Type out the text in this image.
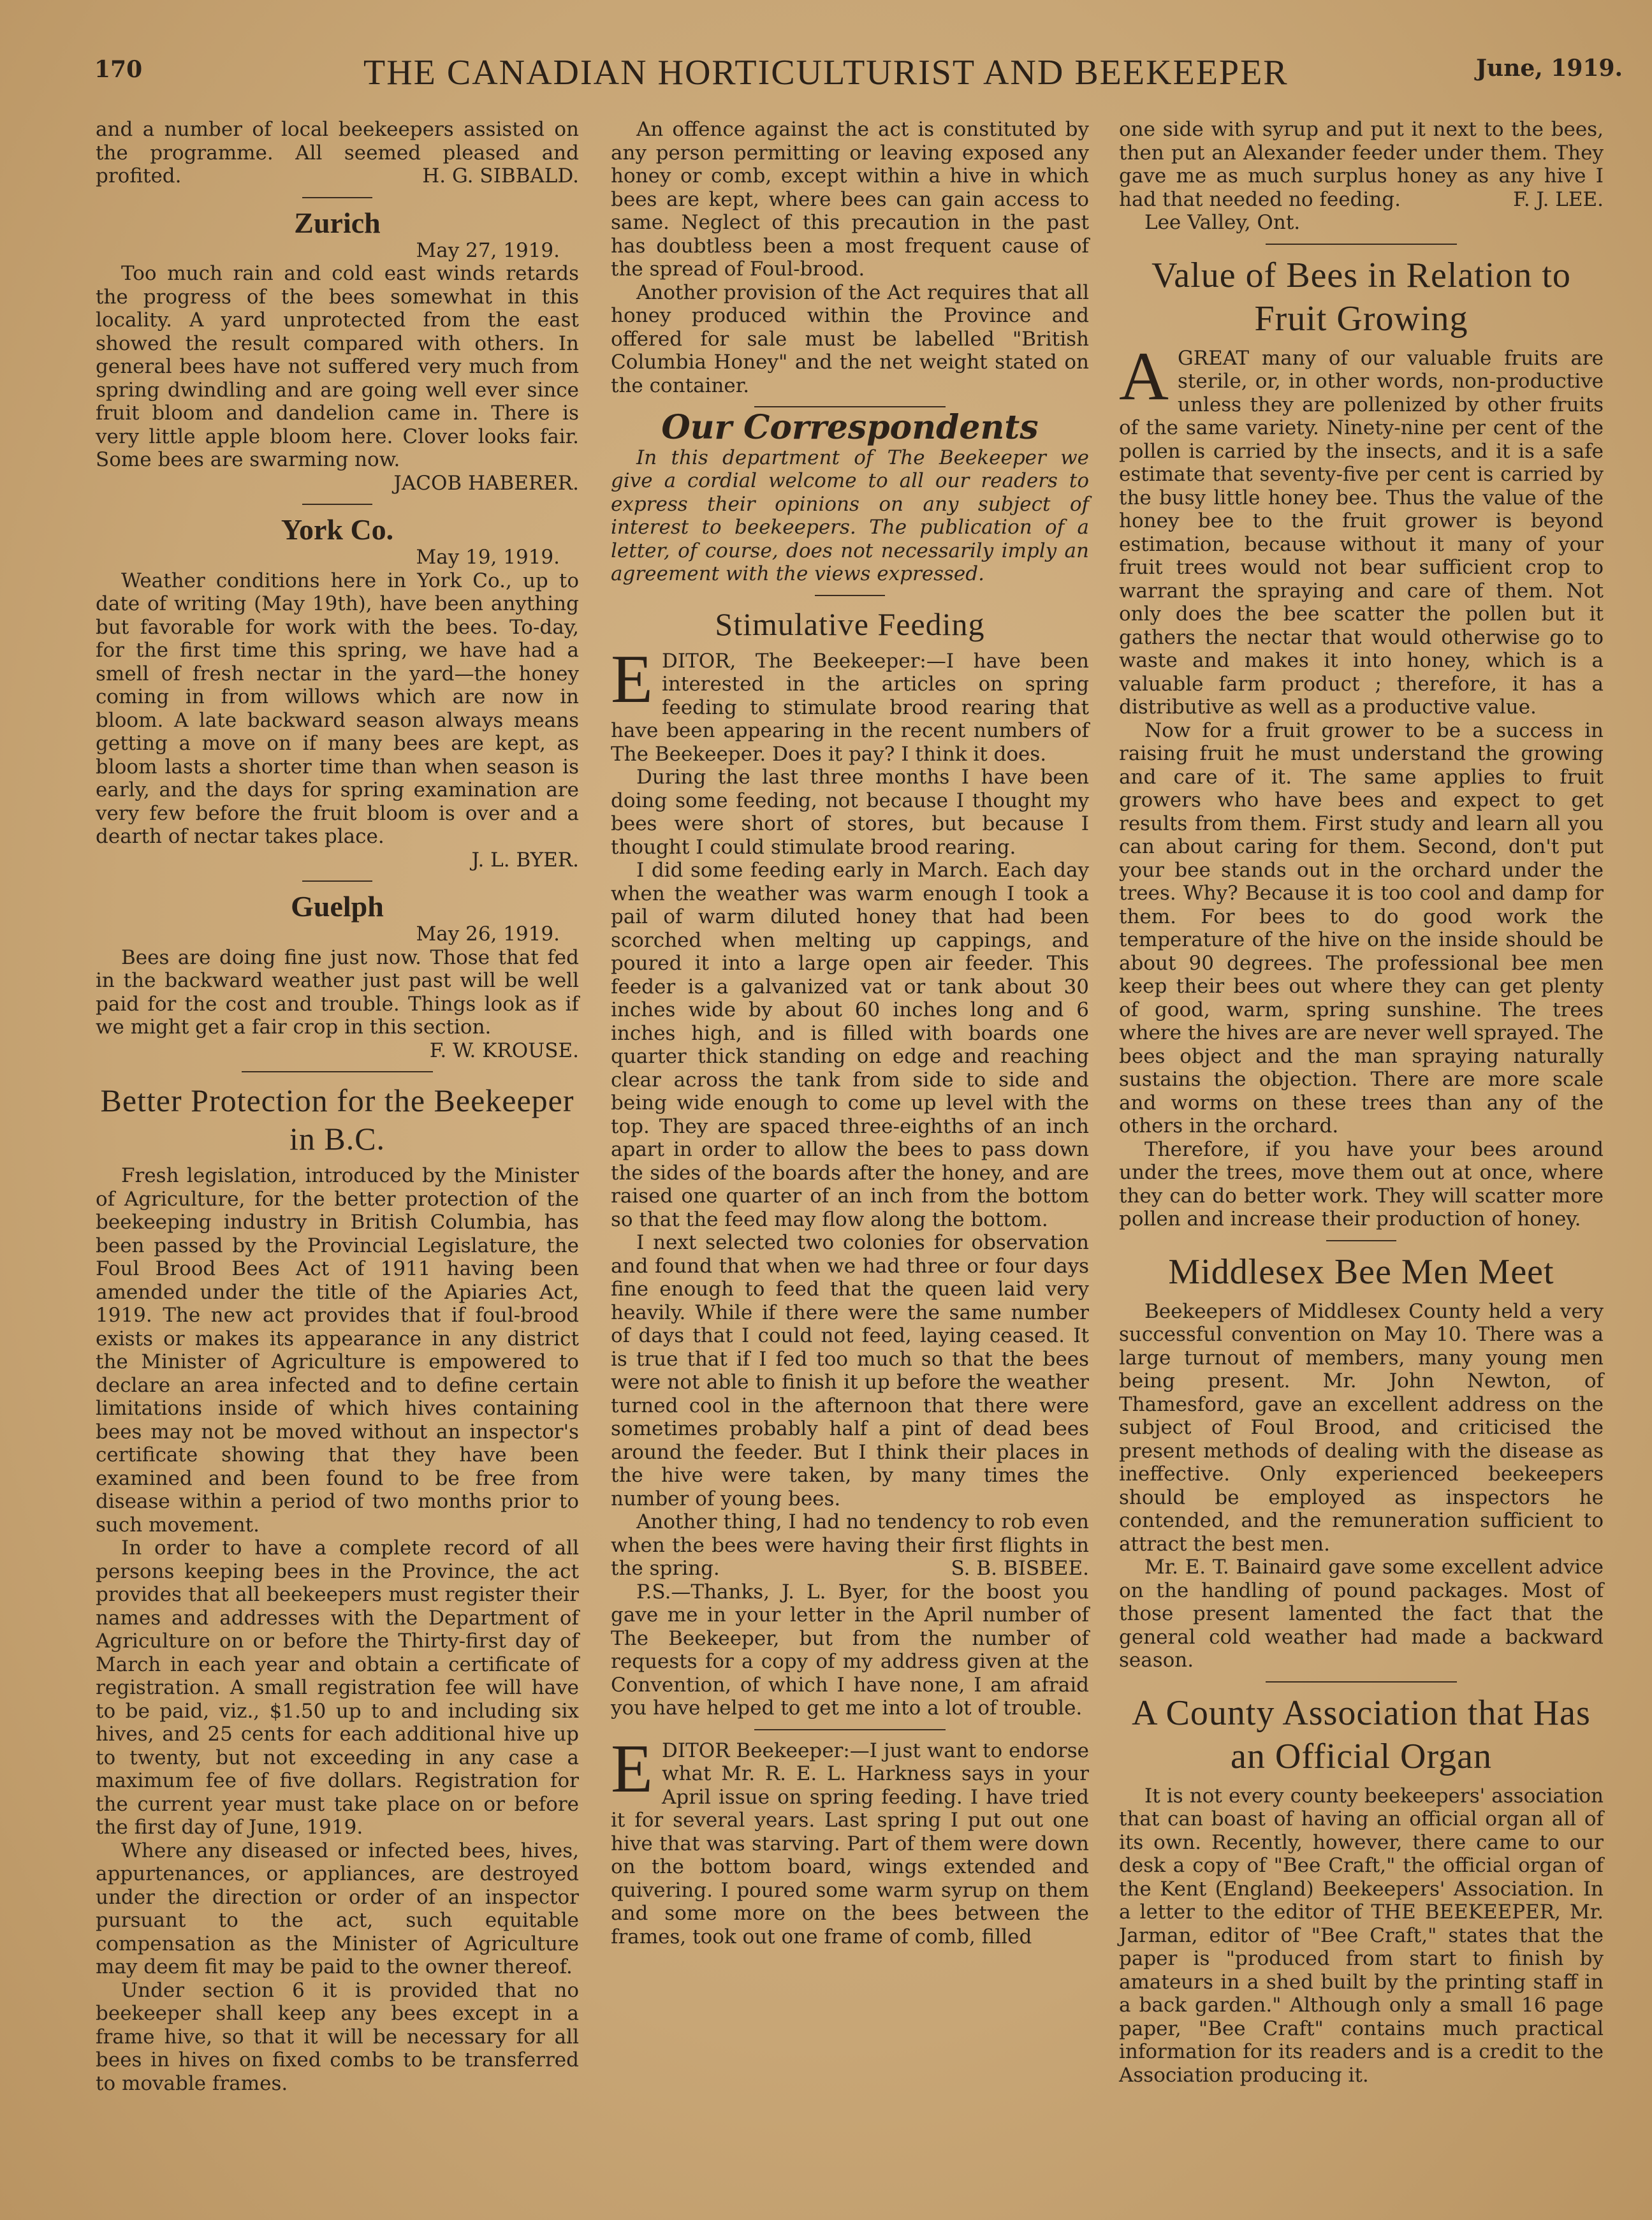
170	THE CANADIAN HORTICULTURIST AND BEEKEEPER	June, 1919.

and a number of local beekeepers assisted on the programme. All seemed pleased and profited.	H. G. SIBBALD.

Zurich

May 27, 1919.

Too much rain and cold east winds retards the progress of the bees somewhat in this locality. A yard unprotected from the east showed the result compared with others. In general bees have not suffered very much from spring dwindling and are going well ever since fruit bloom and dandelion came in. There is very little apple bloom here. Clover looks fair. Some bees are swarming now.

JACOB HABERER.

York Co.

May 19, 1919.

Weather conditions here in York Co., up to date of writing (May 19th), have been anything but favorable for work with the bees. To-day, for the first time this spring, we have had a smell of fresh nectar in the yard—the honey coming in from willows which are now in bloom. A late backward season always means getting a move on if many bees are kept, as bloom lasts a shorter time than when season is early, and the days for spring examination are very few before the fruit bloom is over and a dearth of nectar takes place.

J. L. BYER.

Guelph

May 26, 1919.

Bees are doing fine just now. Those that fed in the backward weather just past will be well paid for the cost and trouble. Things look as if we might get a fair crop in this section.

F. W. KROUSE.

Better Protection for the Beekeeper in B.C.

Fresh legislation, introduced by the Minister of Agriculture, for the better protection of the beekeeping industry in British Columbia, has been passed by the Provincial Legislature, the Foul Brood Bees Act of 1911 having been amended under the title of the Apiaries Act, 1919. The new act provides that if foul-brood exists or makes its appearance in any district the Minister of Agriculture is empowered to declare an area infected and to define certain limitations inside of which hives containing bees may not be moved without an inspector's certificate showing that they have been examined and been found to be free from disease within a period of two months prior to such movement.

In order to have a complete record of all persons keeping bees in the Province, the act provides that all beekeepers must register their names and addresses with the Department of Agriculture on or before the Thirty-first day of March in each year and obtain a certificate of registration. A small registration fee will have to be paid, viz., $1.50 up to and including six hives, and 25 cents for each additional hive up to twenty, but not exceeding in any case a maximum fee of five dollars. Registration for the current year must take place on or before the first day of June, 1919.

Where any diseased or infected bees, hives, appurtenances, or appliances, are destroyed under the direction or order of an inspector pursuant to the act, such equitable compensation as the Minister of Agriculture may deem fit may be paid to the owner thereof.

Under section 6 it is provided that no beekeeper shall keep any bees except in a frame hive, so that it will be necessary for all bees in hives on fixed combs to be transferred to movable frames.

An offence against the act is constituted by any person permitting or leaving exposed any honey or comb, except within a hive in which bees are kept, where bees can gain access to same. Neglect of this precaution in the past has doubtless been a most frequent cause of the spread of Foul-brood.

Another provision of the Act requires that all honey produced within the Province and offered for sale must be labelled "British Columbia Honey" and the net weight stated on the container.

Our Correspondents

In this department of The Beekeeper we give a cordial welcome to all our readers to express their opinions on any subject of interest to beekeepers. The publication of a letter, of course, does not necessarily imply an agreement with the views expressed.

Stimulative Feeding

EDITOR, The Beekeeper:—I have been interested in the articles on spring feeding to stimulate brood rearing that have been appearing in the recent numbers of The Beekeeper. Does it pay? I think it does.

During the last three months I have been doing some feeding, not because I thought my bees were short of stores, but because I thought I could stimulate brood rearing.

I did some feeding early in March. Each day when the weather was warm enough I took a pail of warm diluted honey that had been scorched when melting up cappings, and poured it into a large open air feeder. This feeder is a galvanized vat or tank about 30 inches wide by about 60 inches long and 6 inches high, and is filled with boards one quarter thick standing on edge and reaching clear across the tank from side to side and being wide enough to come up level with the top. They are spaced three-eighths of an inch apart in order to allow the bees to pass down the sides of the boards after the honey, and are raised one quarter of an inch from the bottom so that the feed may flow along the bottom.

I next selected two colonies for observation and found that when we had three or four days fine enough to feed that the queen laid very heavily. While if there were the same number of days that I could not feed, laying ceased. It is true that if I fed too much so that the bees were not able to finish it up before the weather turned cool in the afternoon that there were sometimes probably half a pint of dead bees around the feeder. But I think their places in the hive were taken, by many times the number of young bees.

Another thing, I had no tendency to rob even when the bees were having their first flights in the spring.	S. B. BISBEE.

P.S.—Thanks, J. L. Byer, for the boost you gave me in your letter in the April number of The Beekeeper, but from the number of requests for a copy of my address given at the Convention, of which I have none, I am afraid you have helped to get me into a lot of trouble.

EDITOR Beekeeper:—I just want to endorse what Mr. R. E. L. Harkness says in your April issue on spring feeding. I have tried it for several years. Last spring I put out one hive that was starving. Part of them were down on the bottom board, wings extended and quivering. I poured some warm syrup on them and some more on the bees between the frames, took out one frame of comb, filled

one side with syrup and put it next to the bees, then put an Alexander feeder under them. They gave me as much surplus honey as any hive I had that needed no feeding.	F. J. LEE.

Lee Valley, Ont.

Value of Bees in Relation to Fruit Growing

AGREAT many of our valuable fruits are sterile, or, in other words, non-productive unless they are pollenized by other fruits of the same variety. Ninety-nine per cent of the pollen is carried by the insects, and it is a safe estimate that seventy-five per cent is carried by the busy little honey bee. Thus the value of the honey bee to the fruit grower is beyond estimation, because without it many of your fruit trees would not bear sufficient crop to warrant the spraying and care of them. Not only does the bee scatter the pollen but it gathers the nectar that would otherwise go to waste and makes it into honey, which is a valuable farm product ; therefore, it has a distributive as well as a productive value.

Now for a fruit grower to be a success in raising fruit he must understand the growing and care of it. The same applies to fruit growers who have bees and expect to get results from them. First study and learn all you can about caring for them. Second, don't put your bee stands out in the orchard under the trees. Why? Because it is too cool and damp for them. For bees to do good work the temperature of the hive on the inside should be about 90 degrees. The professional bee men keep their bees out where they can get plenty of good, warm, spring sunshine. The trees where the hives are are never well sprayed. The bees object and the man spraying naturally sustains the objection. There are more scale and worms on these trees than any of the others in the orchard.

Therefore, if you have your bees around under the trees, move them out at once, where they can do better work. They will scatter more pollen and increase their production of honey.

Middlesex Bee Men Meet

Beekeepers of Middlesex County held a very successful convention on May 10. There was a large turnout of members, many young men being present. Mr. John Newton, of Thamesford, gave an excellent address on the subject of Foul Brood, and criticised the present methods of dealing with the disease as ineffective. Only experienced beekeepers should be employed as inspectors he contended, and the remuneration sufficient to attract the best men.

Mr. E. T. Bainaird gave some excellent advice on the handling of pound packages. Most of those present lamented the fact that the general cold weather had made a backward season.

A County Association that Has an Official Organ

It is not every county beekeepers' association that can boast of having an official organ all of its own. Recently, however, there came to our desk a copy of "Bee Craft," the official organ of the Kent (England) Beekeepers' Association. In a letter to the editor of THE BEEKEEPER, Mr. Jarman, editor of "Bee Craft," states that the paper is "produced from start to finish by amateurs in a shed built by the printing staff in a back garden." Although only a small 16 page paper, "Bee Craft" contains much practical information for its readers and is a credit to the Association producing it.
